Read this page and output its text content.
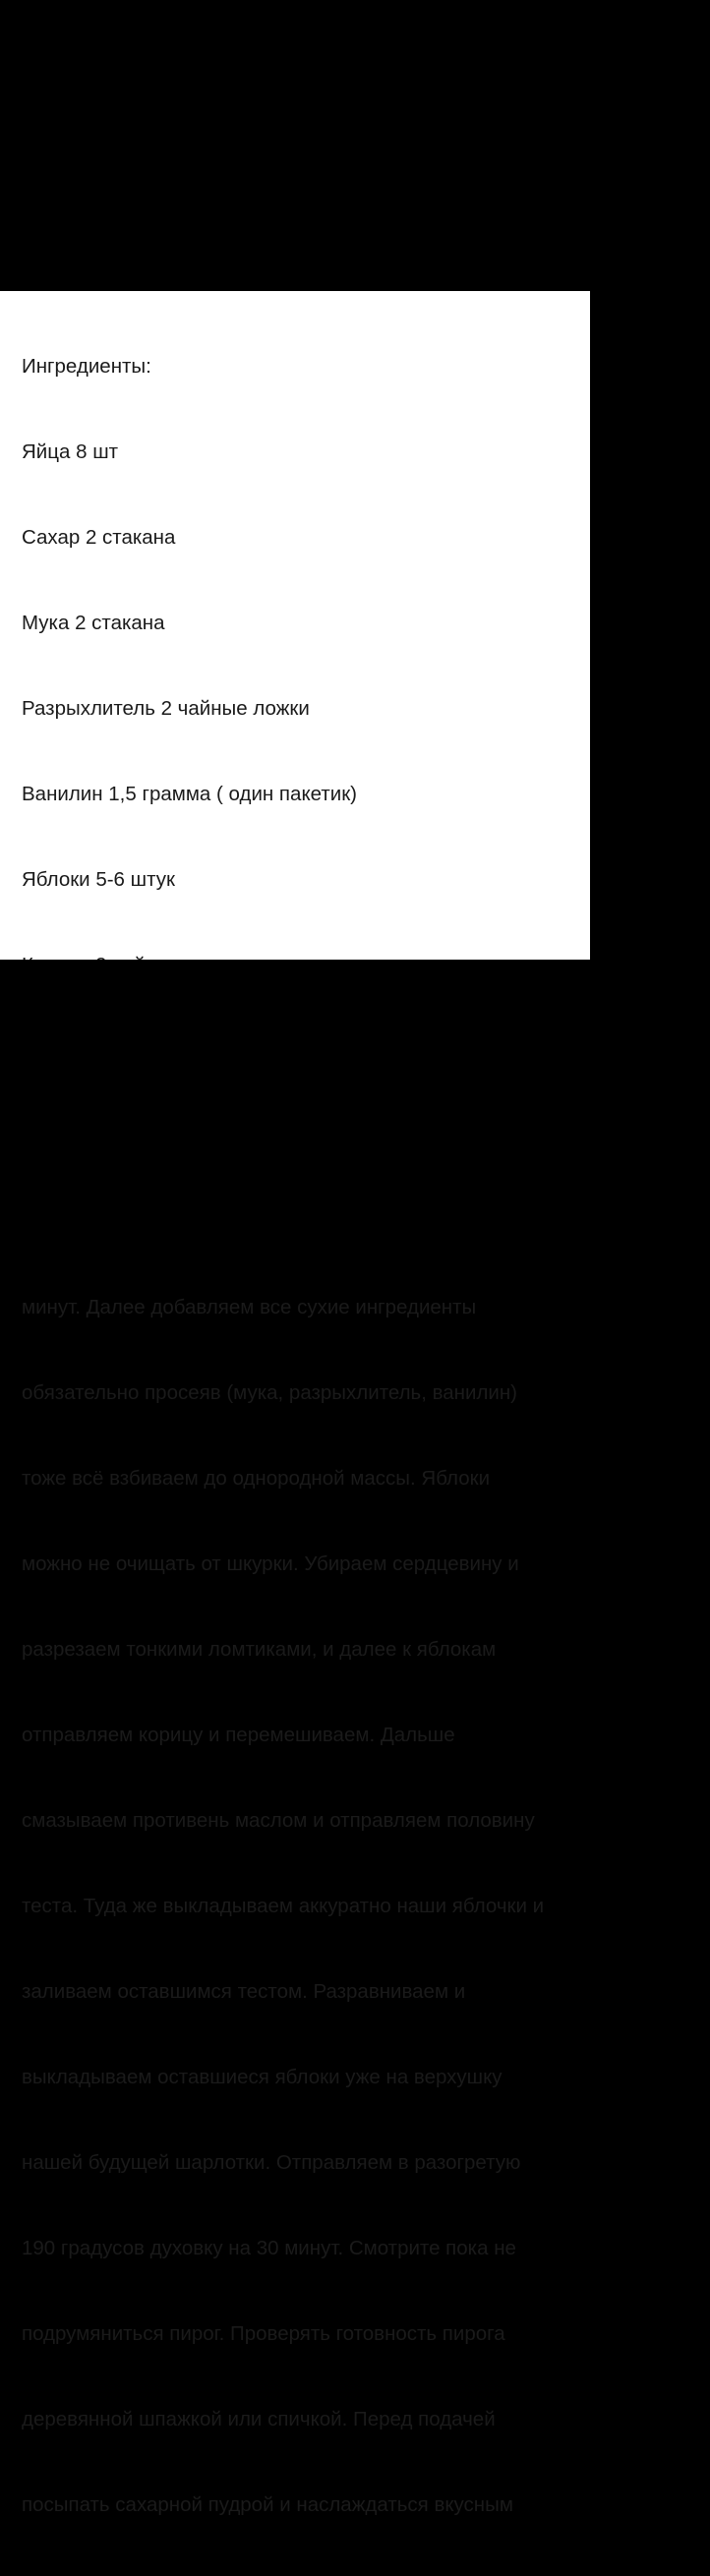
Ингредиенты:

Яйца 8 шт

Сахар 2 стакана

Мука 2 стакана

Разрыхлитель 2 чайные ложки

Ванилин 1,5 грамма ( один пакетик)

Яблоки 5-6 штук

минут. Далее добавляем все сухие ингредиенты

обязательно просеяв (мука, разрыхлитель, ванилин)

тоже всё взбиваем до однородной массы. Яблоки

можно не очищать от шкурки. Убираем сердцевину и

разрезаем тонкими ломтиками, и далее к яблокам

отправляем корицу и перемешиваем. Дальше

смазываем противень маслом и отправляем половину

теста. Туда же выкладываем аккуратно наши яблочки и

заливаем оставшимся тестом. Разравниваем и

выкладываем оставшиеся яблоки уже на верхушку

нашей будущей шарлотки. Отправляем в разогретую

190 градусов духовку на 30 минут. Смотрите пока не

подрумяниться пирог. Проверять готовность пирога

деревянной шпажкой или спичкой. Перед подачей

посыпать сахарной пудрой и наслаждаться вкусным
